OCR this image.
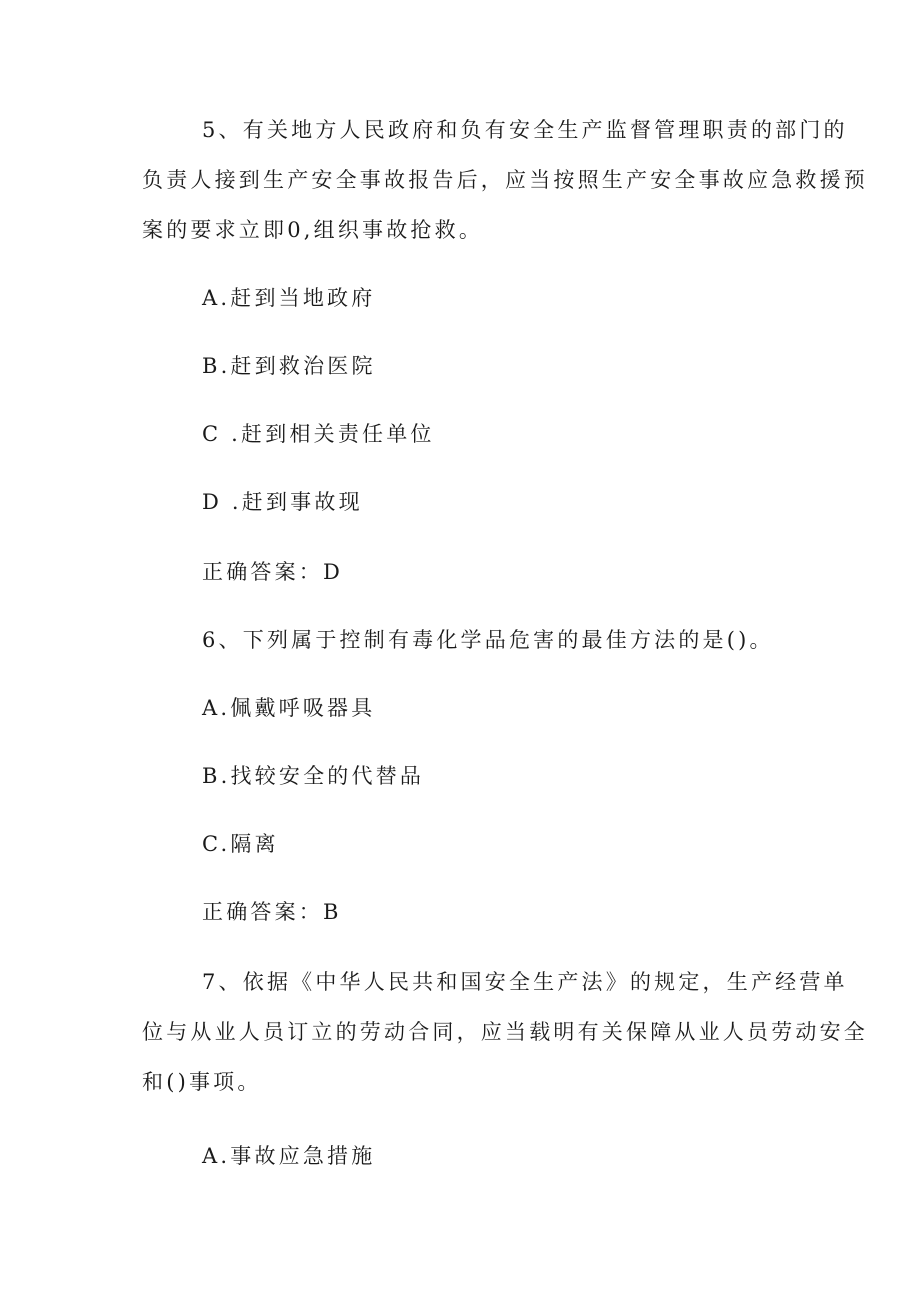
5、有关地方人民政府和负有安全生产监督管理职责的部门的
负责人接到生产安全事故报告后，应当按照生产安全事故应急救援预
案的要求立即0,组织事故抢救。
A.赶到当地政府
B.赶到救治医院
C .赶到相关责任单位
D .赶到事故现
正确答案：D
6、下列属于控制有毒化学品危害的最佳方法的是()。
A.佩戴呼吸器具
B.找较安全的代替品
C.隔离
正确答案：B
7、依据《中华人民共和国安全生产法》的规定，生产经营单
位与从业人员订立的劳动合同，应当载明有关保障从业人员劳动安全
和()事项。
A.事故应急措施
